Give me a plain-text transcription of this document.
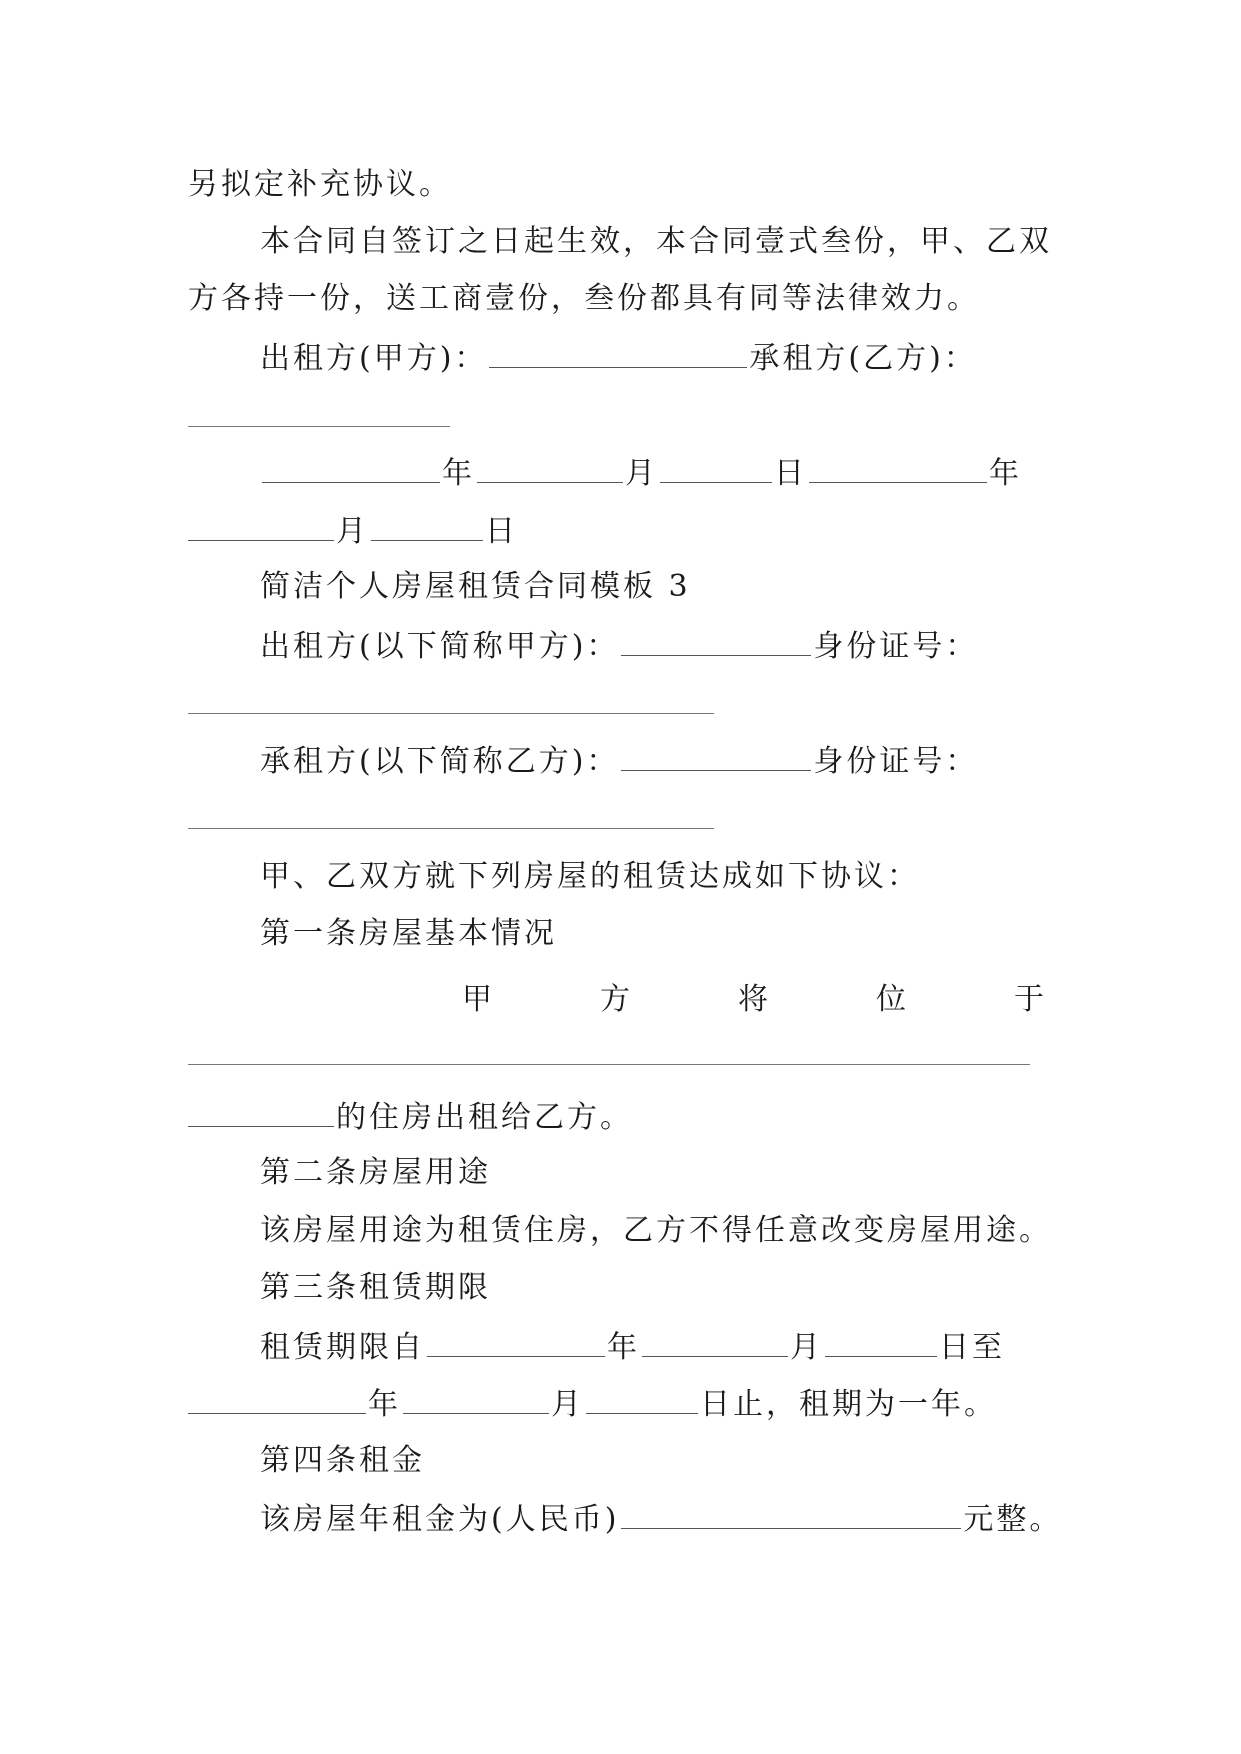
另拟定补充协议。
本合同自签订之日起生效，本合同壹式叁份，甲、乙双
方各持一份，送工商壹份，叁份都具有同等法律效力。
出租方(甲方)：	承租方(乙方)：
年	月	日	年
月	日
简洁个人房屋租赁合同模板 3
出租方(以下简称甲方)：	身份证号：
承租方(以下简称乙方)：	身份证号：
甲、乙双方就下列房屋的租赁达成如下协议：
第一条房屋基本情况
甲	方	将	位	于
的住房出租给乙方。
第二条房屋用途
该房屋用途为租赁住房，乙方不得任意改变房屋用途。
第三条租赁期限
租赁期限自	年	月	日至
年	月	日止，租期为一年。
第四条租金
该房屋年租金为(人民币)	元整。
